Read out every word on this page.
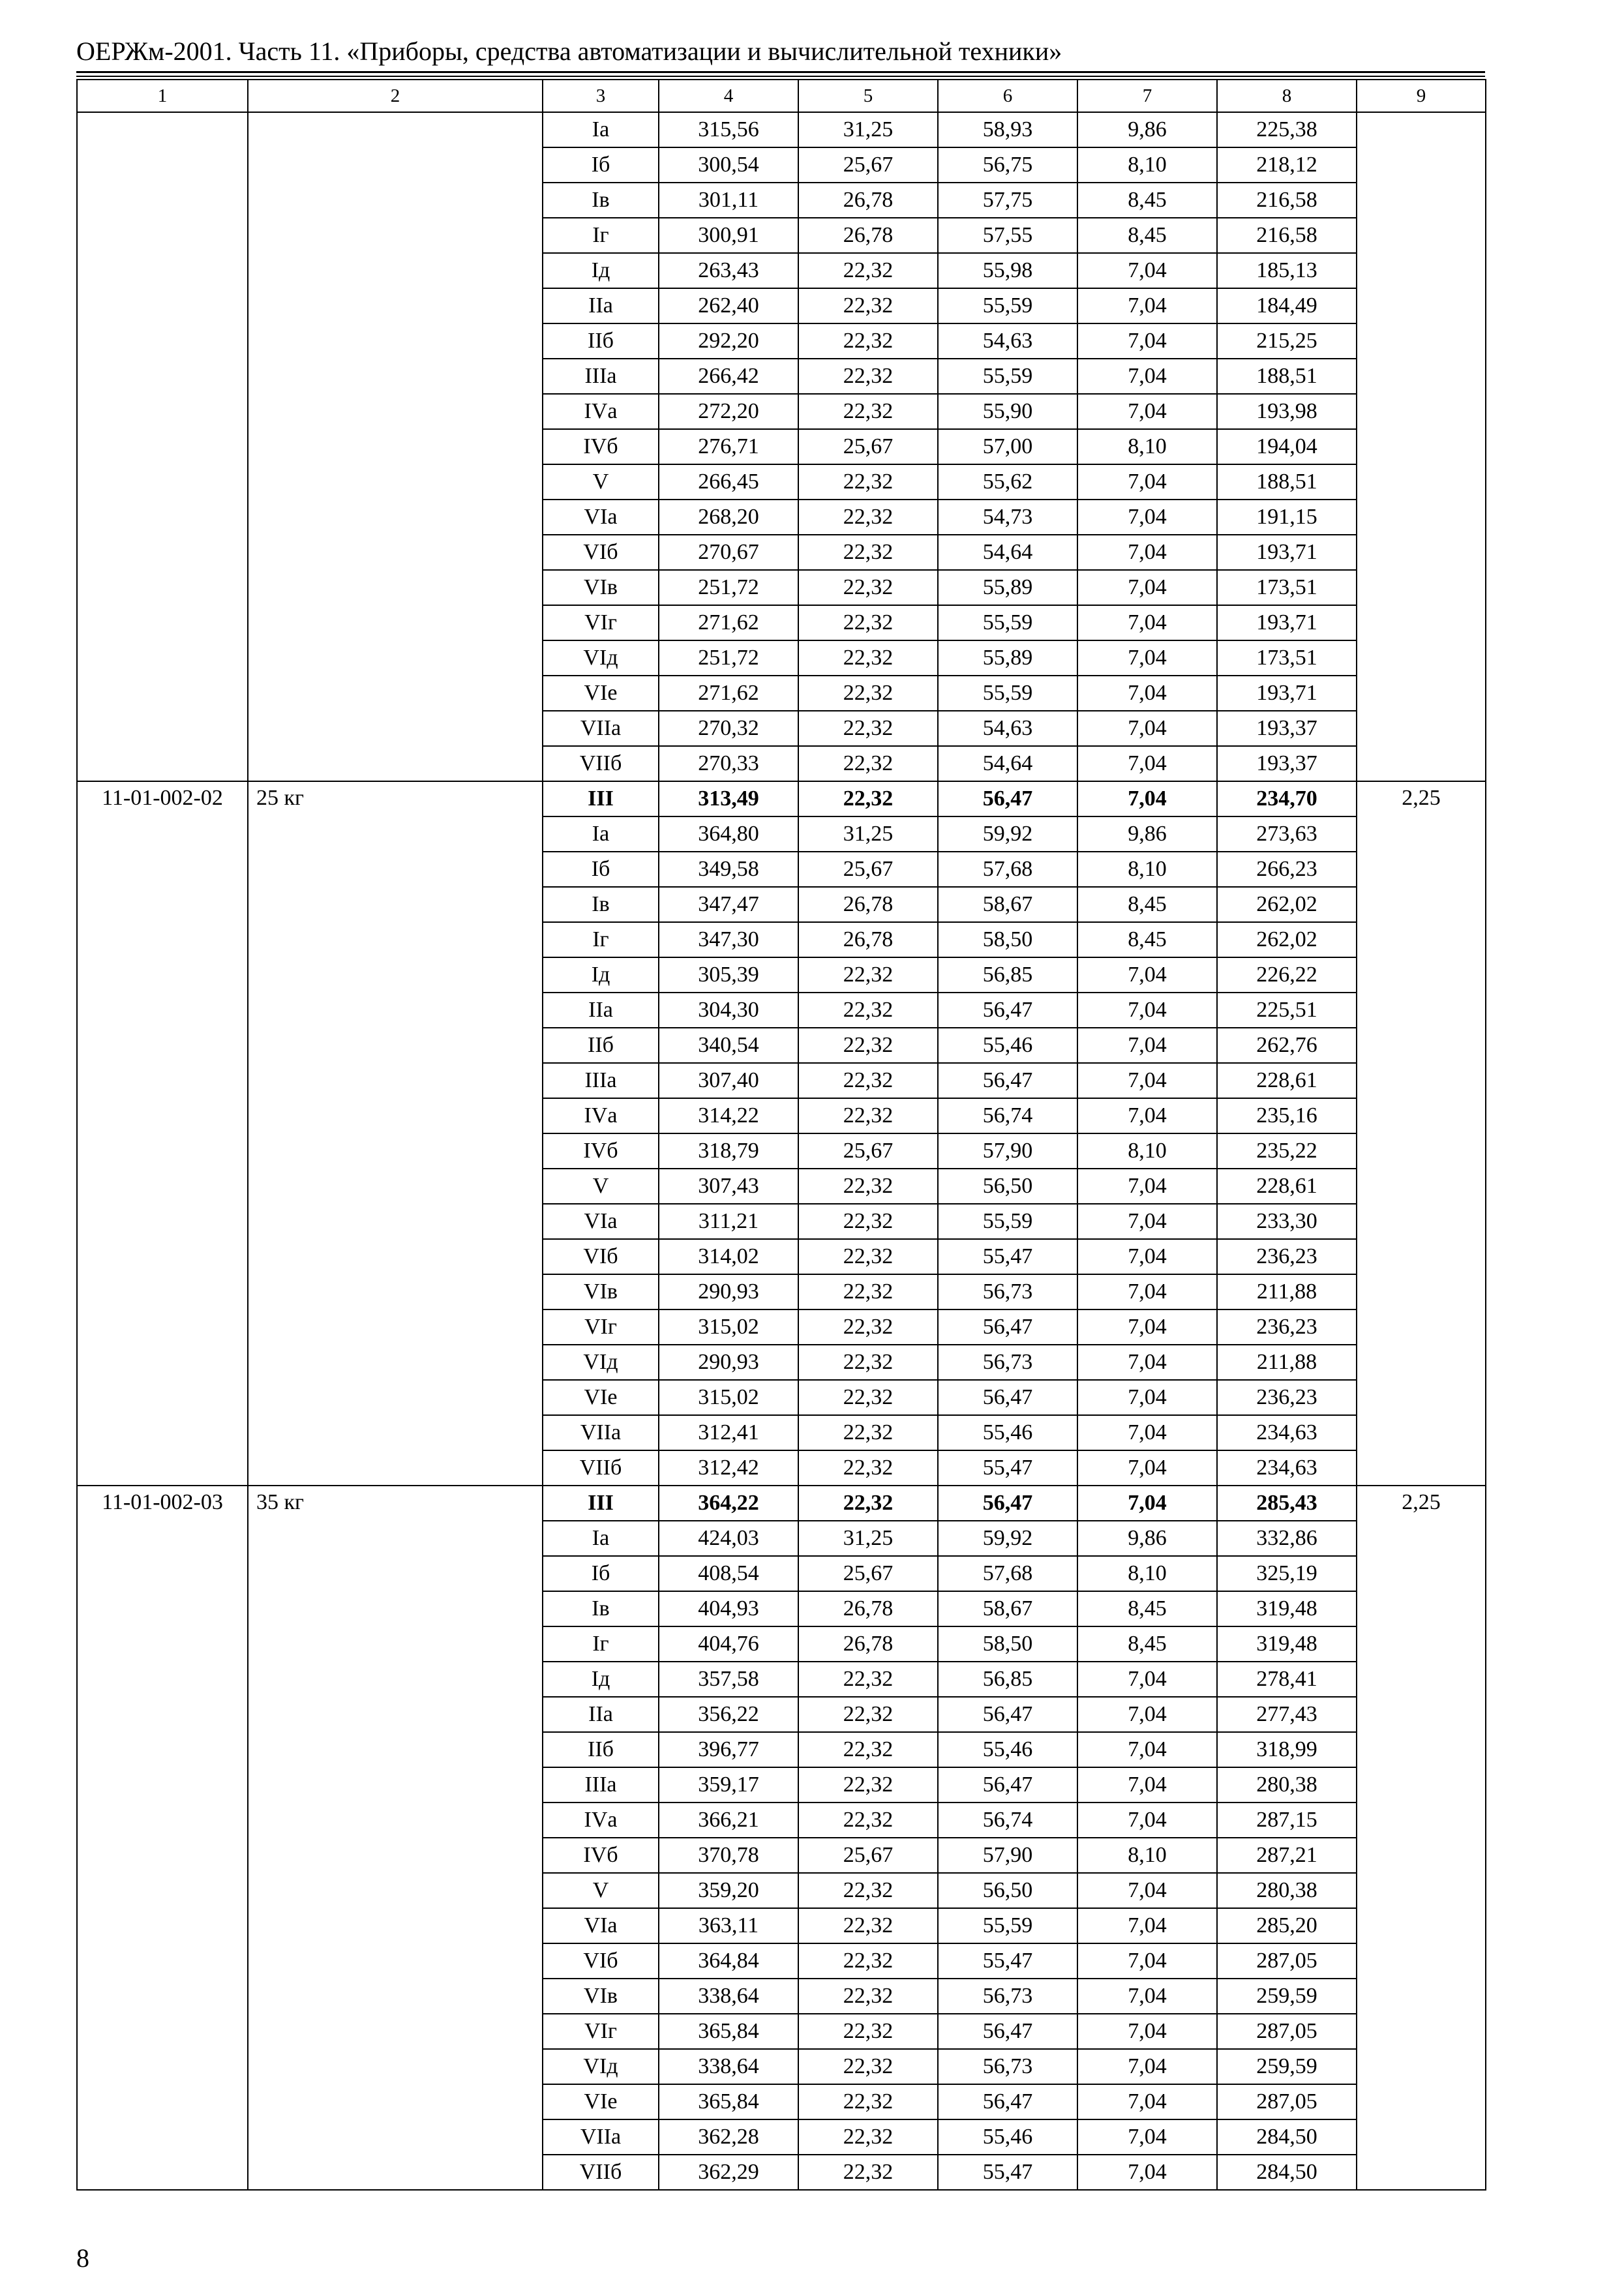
ОЕРЖм-2001. Часть 11. «Приборы, средства автоматизации и вычислительной техники»
1	2	3	4	5	6	7	8	9
		Iа	315,56	31,25	58,93	9,86	225,38	
		Iб	300,54	25,67	56,75	8,10	218,12	
		Iв	301,11	26,78	57,75	8,45	216,58	
		Iг	300,91	26,78	57,55	8,45	216,58	
		Iд	263,43	22,32	55,98	7,04	185,13	
		IIа	262,40	22,32	55,59	7,04	184,49	
		IIб	292,20	22,32	54,63	7,04	215,25	
		IIIа	266,42	22,32	55,59	7,04	188,51	
		IVа	272,20	22,32	55,90	7,04	193,98	
		IVб	276,71	25,67	57,00	8,10	194,04	
		V	266,45	22,32	55,62	7,04	188,51	
		VIа	268,20	22,32	54,73	7,04	191,15	
		VIб	270,67	22,32	54,64	7,04	193,71	
		VIв	251,72	22,32	55,89	7,04	173,51	
		VIг	271,62	22,32	55,59	7,04	193,71	
		VIд	251,72	22,32	55,89	7,04	173,51	
		VIе	271,62	22,32	55,59	7,04	193,71	
		VIIа	270,32	22,32	54,63	7,04	193,37	
		VIIб	270,33	22,32	54,64	7,04	193,37	
11-01-002-02	25 кг	III	313,49	22,32	56,47	7,04	234,70	2,25
		Iа	364,80	31,25	59,92	9,86	273,63	
		Iб	349,58	25,67	57,68	8,10	266,23	
		Iв	347,47	26,78	58,67	8,45	262,02	
		Iг	347,30	26,78	58,50	8,45	262,02	
		Iд	305,39	22,32	56,85	7,04	226,22	
		IIа	304,30	22,32	56,47	7,04	225,51	
		IIб	340,54	22,32	55,46	7,04	262,76	
		IIIа	307,40	22,32	56,47	7,04	228,61	
		IVа	314,22	22,32	56,74	7,04	235,16	
		IVб	318,79	25,67	57,90	8,10	235,22	
		V	307,43	22,32	56,50	7,04	228,61	
		VIа	311,21	22,32	55,59	7,04	233,30	
		VIб	314,02	22,32	55,47	7,04	236,23	
		VIв	290,93	22,32	56,73	7,04	211,88	
		VIг	315,02	22,32	56,47	7,04	236,23	
		VIд	290,93	22,32	56,73	7,04	211,88	
		VIе	315,02	22,32	56,47	7,04	236,23	
		VIIа	312,41	22,32	55,46	7,04	234,63	
		VIIб	312,42	22,32	55,47	7,04	234,63	
11-01-002-03	35 кг	III	364,22	22,32	56,47	7,04	285,43	2,25
		Iа	424,03	31,25	59,92	9,86	332,86	
		Iб	408,54	25,67	57,68	8,10	325,19	
		Iв	404,93	26,78	58,67	8,45	319,48	
		Iг	404,76	26,78	58,50	8,45	319,48	
		Iд	357,58	22,32	56,85	7,04	278,41	
		IIа	356,22	22,32	56,47	7,04	277,43	
		IIб	396,77	22,32	55,46	7,04	318,99	
		IIIа	359,17	22,32	56,47	7,04	280,38	
		IVа	366,21	22,32	56,74	7,04	287,15	
		IVб	370,78	25,67	57,90	8,10	287,21	
		V	359,20	22,32	56,50	7,04	280,38	
		VIа	363,11	22,32	55,59	7,04	285,20	
		VIб	364,84	22,32	55,47	7,04	287,05	
		VIв	338,64	22,32	56,73	7,04	259,59	
		VIг	365,84	22,32	56,47	7,04	287,05	
		VIд	338,64	22,32	56,73	7,04	259,59	
		VIе	365,84	22,32	56,47	7,04	287,05	
		VIIа	362,28	22,32	55,46	7,04	284,50	
		VIIб	362,29	22,32	55,47	7,04	284,50	
8
